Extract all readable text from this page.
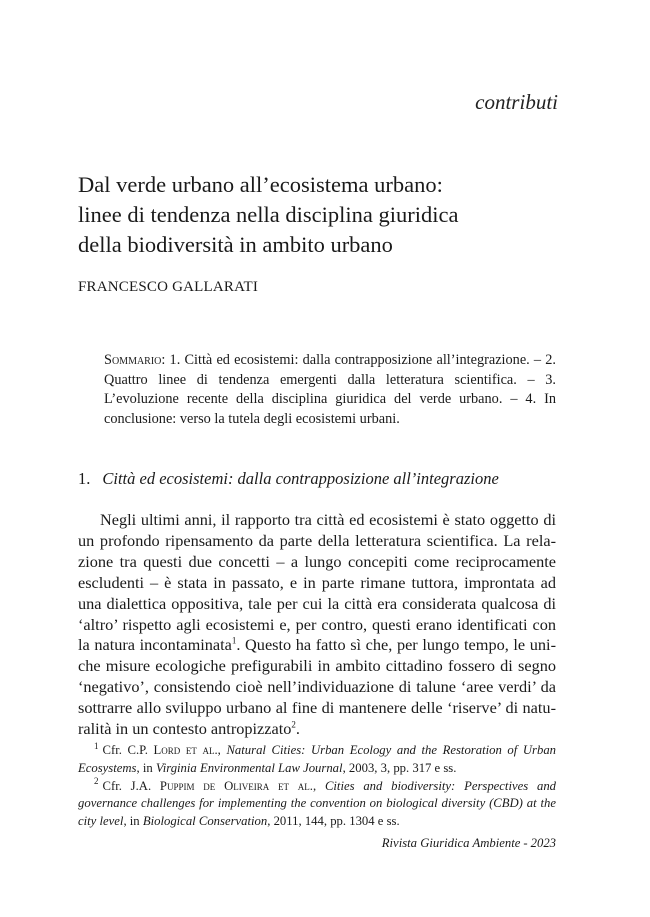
contributi
Dal verde urbano all’ecosistema urbano:
linee di tendenza nella disciplina giuridica
della biodiversità in ambito urbano
FRANCESCO GALLARATI
Sommario: 1. Città ed ecosistemi: dalla contrapposizione all’integrazione. – 2. Quattro linee di tendenza emergenti dalla letteratura scientifica. – 3. L’evoluzione recente della disciplina giuridica del verde urbano. – 4. In conclusione: verso la tutela degli ecosistemi urbani.
1. Città ed ecosistemi: dalla contrapposizione all’integrazione
Negli ultimi anni, il rapporto tra città ed ecosistemi è stato oggetto di
un profondo ripensamento da parte della letteratura scientifica. La rela-
zione tra questi due concetti – a lungo concepiti come reciprocamente
escludenti – è stata in passato, e in parte rimane tuttora, improntata ad
una dialettica oppositiva, tale per cui la città era considerata qualcosa di
‘altro’ rispetto agli ecosistemi e, per contro, questi erano identificati con
la natura incontaminata$^1$. Questo ha fatto sì che, per lungo tempo, le uni-
che misure ecologiche prefigurabili in ambito cittadino fossero di segno
‘negativo’, consistendo cioè nell’individuazione di talune ‘aree verdi’ da
sottrarre allo sviluppo urbano al fine di mantenere delle ‘riserve’ di natu-
ralità in un contesto antropizzato$^2$.

$^1$ Cfr. C.P. Lord et al., Natural Cities: Urban Ecology and the Restoration of Urban Ecosystems, in Virginia Environmental Law Journal, 2003, 3, pp. 317 e ss.

$^2$ Cfr. J.A. Puppim de Oliveira et al., Cities and biodiversity: Perspectives and governance challenges for implementing the convention on biological diversity (CBD) at the city level, in Biological Conservation, 2011, 144, pp. 1304 e ss.

Rivista Giuridica Ambiente - 2023
